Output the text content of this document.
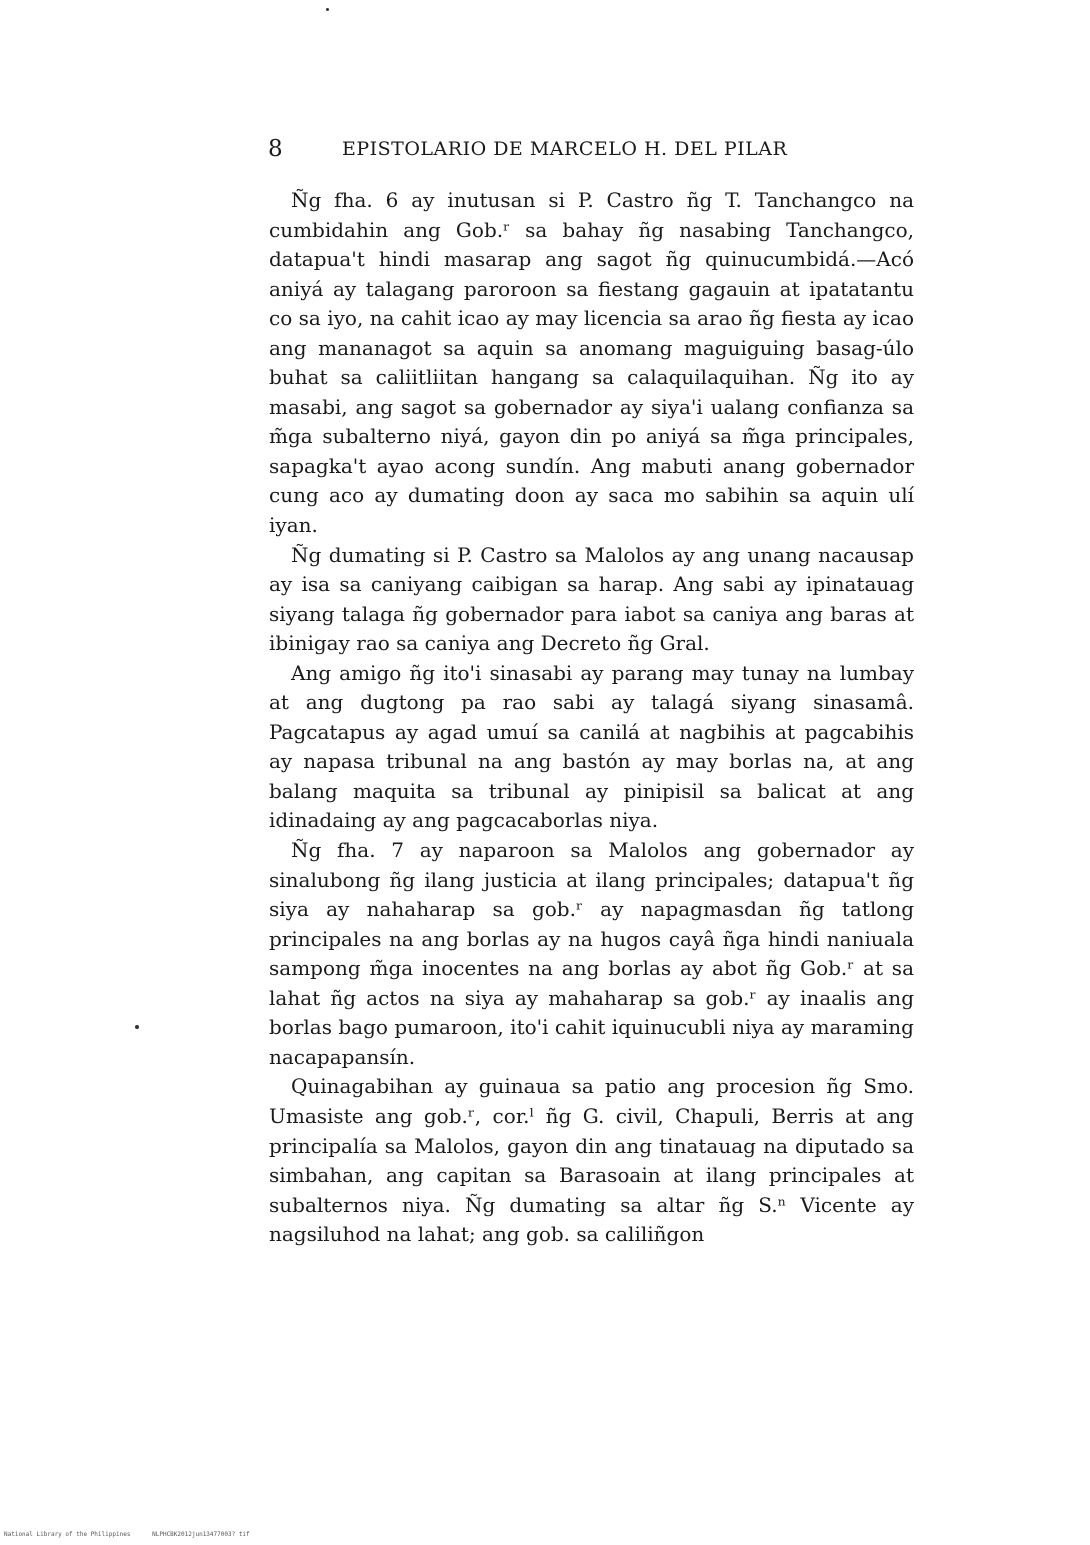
8	EPISTOLARIO DE MARCELO H. DEL PILAR

Ñg fha. 6 ay inutusan si P. Castro ñg T. Tanchangco na cumbidahin ang Gob.ʳ sa bahay ñg nasabing Tanchangco, datapua't hindi masarap ang sagot ñg quinucumbidá.—Acó aniyá ay talagang paroroon sa fiestang gagauin at ipatatantu co sa iyo, na cahit icao ay may licencia sa arao ñg fiesta ay icao ang mananagot sa aquin sa anomang maguiguing basag-úlo buhat sa caliitliitan hangang sa calaquilaquihan. Ñg ito ay masabi, ang sagot sa gobernador ay siya'i ualang confianza sa m̃ga subalterno niyá, gayon din po aniyá sa m̃ga principales, sapagka't ayao acong sundín. Ang mabuti anang gobernador cung aco ay dumating doon ay saca mo sabihin sa aquin ulí iyan.

Ñg dumating si P. Castro sa Malolos ay ang unang nacausap ay isa sa caniyang caibigan sa harap. Ang sabi ay ipinatauag siyang talaga ñg gobernador para iabot sa caniya ang baras at ibinigay rao sa caniya ang Decreto ñg Gral.

Ang amigo ñg ito'i sinasabi ay parang may tunay na lumbay at ang dugtong pa rao sabi ay talagá siyang sinasamâ. Pagcatapus ay agad umuí sa canilá at nagbihis at pagcabihis ay napasa tribunal na ang bastón ay may borlas na, at ang balang maquita sa tribunal ay pinipisil sa balicat at ang idinadaing ay ang pagcacaborlas niya.

Ñg fha. 7 ay naparoon sa Malolos ang gobernador ay sinalubong ñg ilang justicia at ilang principales; datapua't ñg siya ay nahaharap sa gob.ʳ ay napagmasdan ñg tatlong principales na ang borlas ay na hugos cayâ ñga hindi naniuala sampong m̃ga inocentes na ang borlas ay abot ñg Gob.ʳ at sa lahat ñg actos na siya ay mahaharap sa gob.ʳ ay inaalis ang borlas bago pumaroon, ito'i cahit iquinucubli niya ay maraming nacapapansín.

Quinagabihan ay guinaua sa patio ang procesion ñg Smo. Umasiste ang gob.ʳ, cor.ˡ ñg G. civil, Chapuli, Berris at ang principalía sa Malolos, gayon din ang tinatauag na diputado sa simbahan, ang capitan sa Barasoain at ilang principales at subalternos niya. Ñg dumating sa altar ñg S.ⁿ Vicente ay nagsiluhod na lahat; ang gob. sa caliliñgon

National Library of the Philippines	NLPHCBK2012jun13477003? tif
